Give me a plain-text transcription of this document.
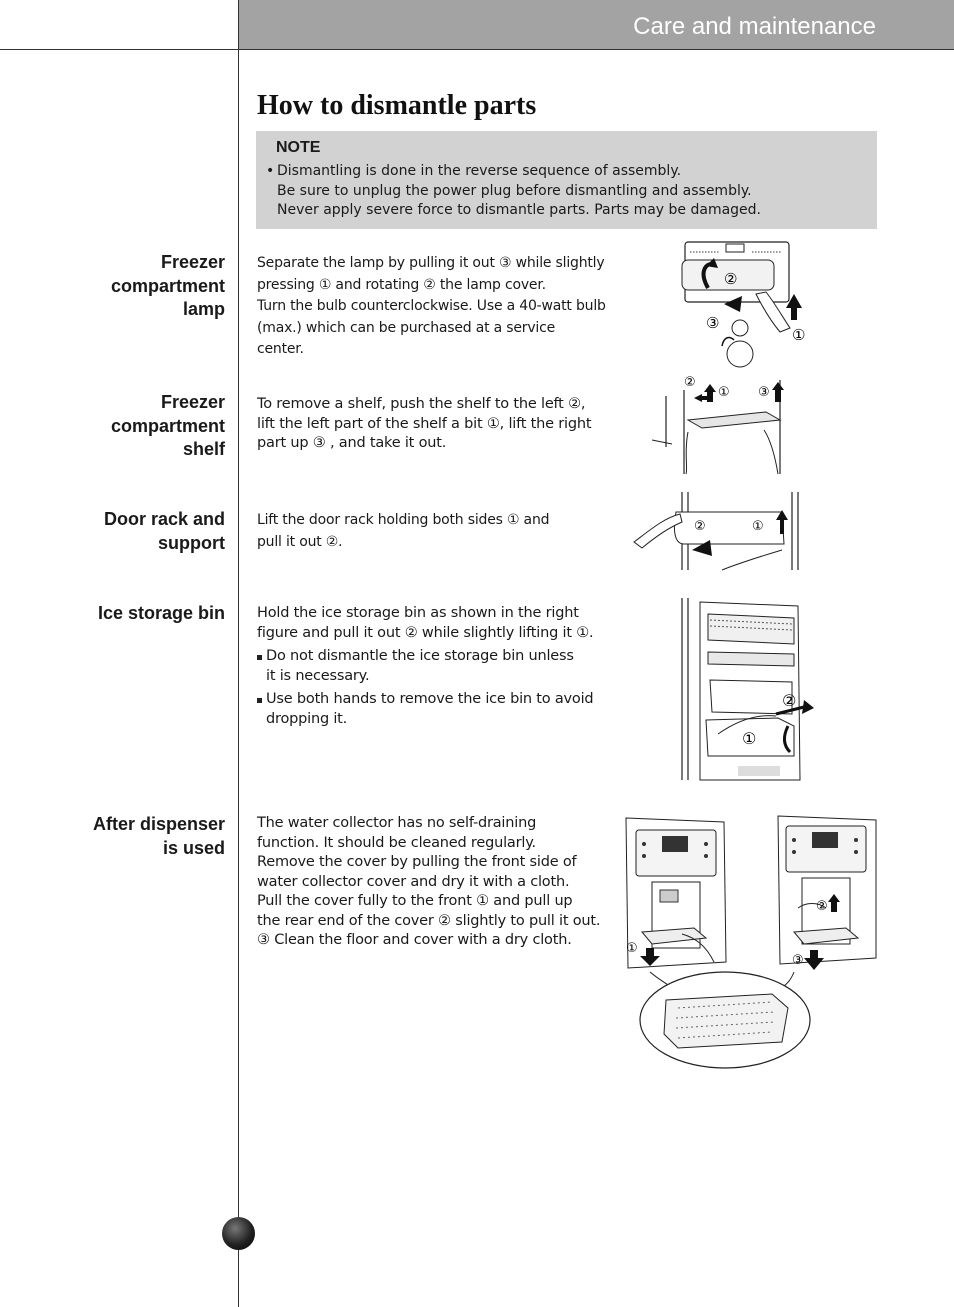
Care and maintenance
How to dismantle parts
NOTE
• Dismantling is done in the reverse sequence of assembly.
Be sure to unplug the power plug before dismantling and assembly.
Never apply severe force to dismantle parts. Parts may be damaged.
Freezer
compartment
lamp
Separate the lamp by pulling it out ③ while slightly
pressing ① and rotating ② the lamp cover.
Turn the bulb counterclockwise. Use a 40-watt bulb
(max.) which can be purchased at a service
center.
②
③
①
Freezer
compartment
shelf
To remove a shelf, push the shelf to the left ②,
lift the left part of the shelf a bit ①, lift the right
part up ③ , and take it out.
②
① ③
Door rack and
support
Lift the door rack holding both sides ① and
pull it out ②.
②	①
Ice storage bin Hold the ice storage bin as shown in the right
figure and pull it out ② while slightly lifting it ①.
Do not dismantle the ice storage bin unless
it is necessary.
Use both hands to remove the ice bin to avoid
dropping it.
②
①
After dispenser
is used
The water collector has no self-draining
function. It should be cleaned regularly.
Remove the cover by pulling the front side of
water collector cover and dry it with a cloth.
Pull the cover fully to the front ① and pull up
the rear end of the cover ② slightly to pull it out.
③ Clean the floor and cover with a dry cloth.
①
②
③
